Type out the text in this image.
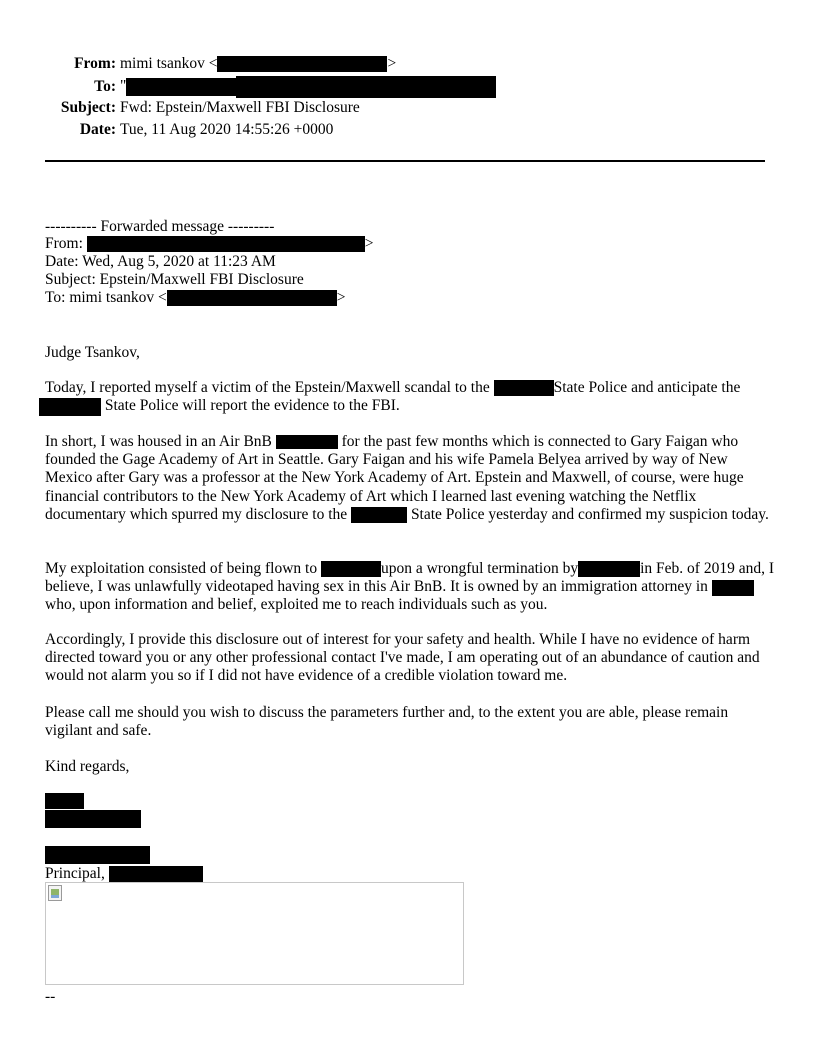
From: mimi tsankov <	>
To: "
Subject: Fwd: Epstein/Maxwell FBI Disclosure
Date: Tue, 11 Aug 2020 14:55:26 +0000
---------- Forwarded message ---------
From:	>
Date: Wed, Aug 5, 2020 at 11:23 AM
Subject: Epstein/Maxwell FBI Disclosure
To: mimi tsankov <	>
Judge Tsankov,
Today, I reported myself a victim of the Epstein/Maxwell scandal to the	State Police and anticipate the
State Police will report the evidence to the FBI.
In short, I was housed in an Air BnB	for the past few months which is connected to Gary Faigan who founded the Gage Academy of Art in Seattle. Gary Faigan and his wife Pamela Belyea arrived by way of New Mexico after Gary was a professor at the New York Academy of Art. Epstein and Maxwell, of course, were huge financial contributors to the New York Academy of Art which I learned last evening watching the Netflix documentary which spurred my disclosure to the	State Police yesterday and confirmed my suspicion today.
My exploitation consisted of being flown to	upon a wrongful termination by	in Feb. of 2019 and, I believe, I was unlawfully videotaped having sex in this Air BnB. It is owned by an immigration attorney in  who, upon information and belief, exploited me to reach individuals such as you.
Accordingly, I provide this disclosure out of interest for your safety and health. While I have no evidence of harm directed toward you or any other professional contact I've made, I am operating out of an abundance of caution and would not alarm you so if I did not have evidence of a credible violation toward me.
Please call me should you wish to discuss the parameters further and, to the extent you are able, please remain vigilant and safe.
Kind regards,
Principal,
--
